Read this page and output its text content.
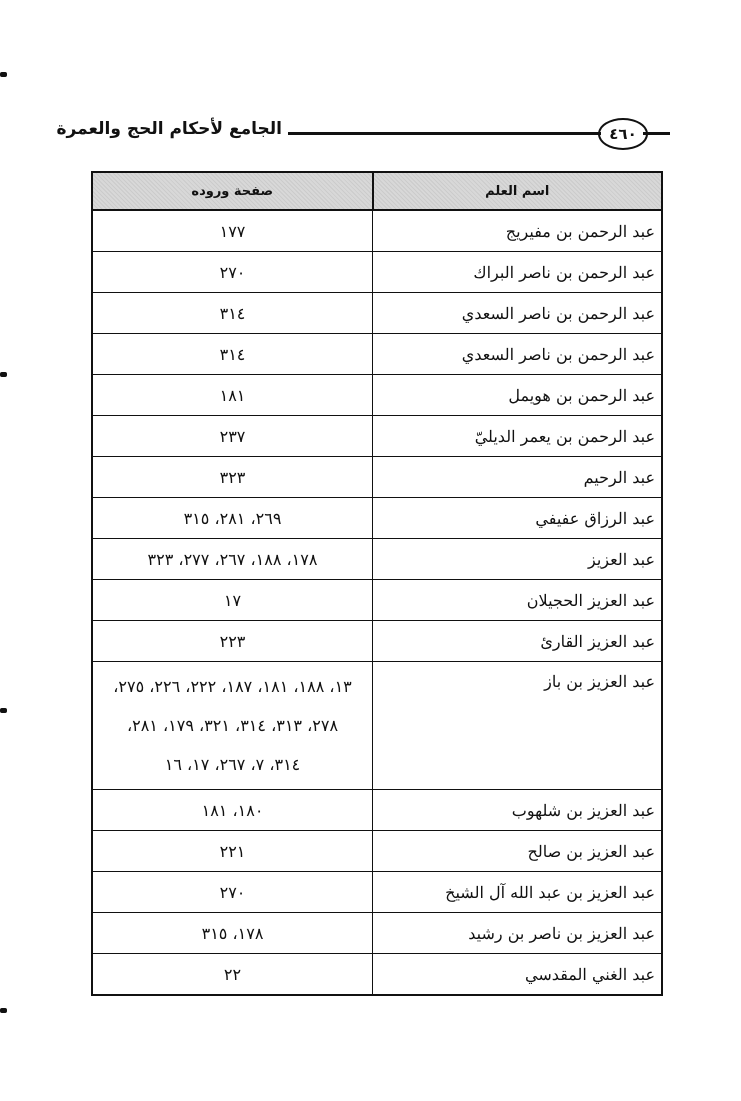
الجامع لأحكام الحج والعمرة	٤٦٠
اسم العلم	صفحة وروده
عبد الرحمن بن مفيريج	١٧٧
عبد الرحمن بن ناصر البراك	٢٧٠
عبد الرحمن بن ناصر السعدي	٣١٤
عبد الرحمن بن ناصر السعدي	٣١٤
عبد الرحمن بن هويمل	١٨١
عبد الرحمن بن يعمر الديليّ	٢٣٧
عبد الرحيم	٣٢٣
عبد الرزاق عفيفي	٢٦٩، ٢٨١، ٣١٥
عبد العزيز	١٧٨، ١٨٨، ٢٦٧، ٢٧٧، ٣٢٣
عبد العزيز الحجيلان	١٧
عبد العزيز القارئ	٢٢٣
عبد العزيز بن باز	١٣، ١٨٨، ١٨١، ١٨٧، ٢٢٢، ٢٢٦، ٢٧٥،
٢٧٨، ٣١٣، ٣١٤، ٣٢١، ١٧٩، ٢٨١،
٣١٤، ٧، ٢٦٧، ١٧، ١٦

عبد العزيز بن شلهوب	١٨٠، ١٨١
عبد العزيز بن صالح	٢٢١
عبد العزيز بن عبد الله آل الشيخ	٢٧٠
عبد العزيز بن ناصر بن رشيد	١٧٨، ٣١٥
عبد الغني المقدسي	٢٢
